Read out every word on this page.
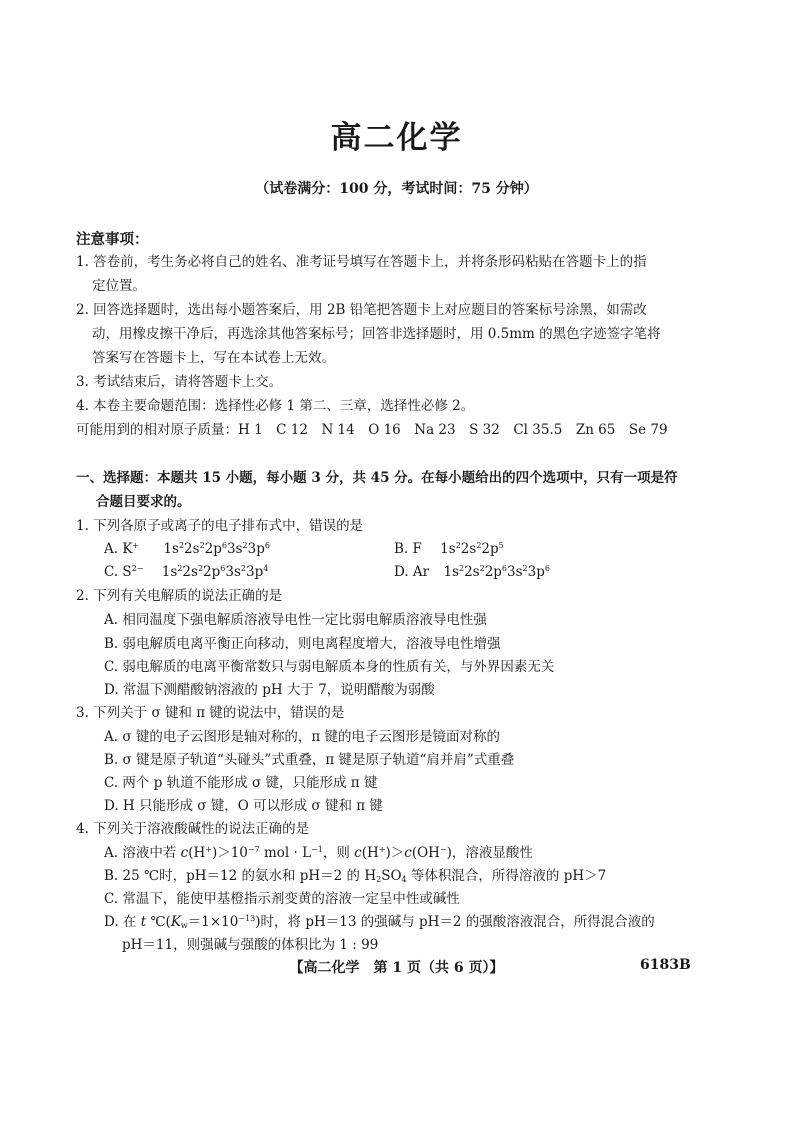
高二化学
（试卷满分：100 分，考试时间：75 分钟）
注意事项：
1. 答卷前，考生务必将自己的姓名、准考证号填写在答题卡上，并将条形码粘贴在答题卡上的指
定位置。
2. 回答选择题时，选出每小题答案后，用 2B 铅笔把答题卡上对应题目的答案标号涂黑，如需改
动，用橡皮擦干净后，再选涂其他答案标号；回答非选择题时，用 0.5mm 的黑色字迹签字笔将
答案写在答题卡上，写在本试卷上无效。
3. 考试结束后，请将答题卡上交。
4. 本卷主要命题范围：选择性必修 1 第二、三章，选择性必修 2。
可能用到的相对原子质量：H 1　C 12　N 14　O 16　Na 23　S 32　Cl 35.5　Zn 65　Se 79
一、选择题：本题共 15 小题，每小题 3 分，共 45 分。在每小题给出的四个选项中，只有一项是符
合题目要求的。
1. 下列各原子或离子的电子排布式中，错误的是
A. K+ $1s^22s^22p^63s^23p^6$	B. F $1s^22s^22p^5$
C. $S^{2-}$ $1s^22s^22p^63s^23p^4$	D. Ar $1s^22s^22p^63s^23p^6$
2. 下列有关电解质的说法正确的是
A. 相同温度下强电解质溶液导电性一定比弱电解质溶液导电性强
B. 弱电解质电离平衡正向移动，则电离程度增大，溶液导电性增强
C. 弱电解质的电离平衡常数只与弱电解质本身的性质有关，与外界因素无关
D. 常温下测醋酸钠溶液的 pH 大于 7，说明醋酸为弱酸
3. 下列关于 σ 键和 π 键的说法中，错误的是
A. σ 键的电子云图形是轴对称的，π 键的电子云图形是镜面对称的
B. σ 键是原子轨道“头碰头”式重叠，π 键是原子轨道“肩并肩”式重叠
C. 两个 p 轨道不能形成 σ 键，只能形成 π 键
D. H 只能形成 σ 键，O 可以形成 σ 键和 π 键
4. 下列关于溶液酸碱性的说法正确的是
A. 溶液中若 $c(H^+)>10^{-7}$ mol · $L^{-1}$，则 c(H+)＞c(OH−)，溶液显酸性
B. 25 ℃时，pH＝12 的氨水和 pH＝2 的 $H_2SO_4$ 等体积混合，所得溶液的 pH＞7
C. 常温下，能使甲基橙指示剂变黄的溶液一定呈中性或碱性
D. 在 t $℃(K_w=1\times 10^{-13})$时，将 pH＝13 的强碱与 pH＝2 的强酸溶液混合，所得混合液的
pH＝11，则强碱与强酸的体积比为 1 : 99
【高二化学　第 1 页（共 6 页）】	6183B
